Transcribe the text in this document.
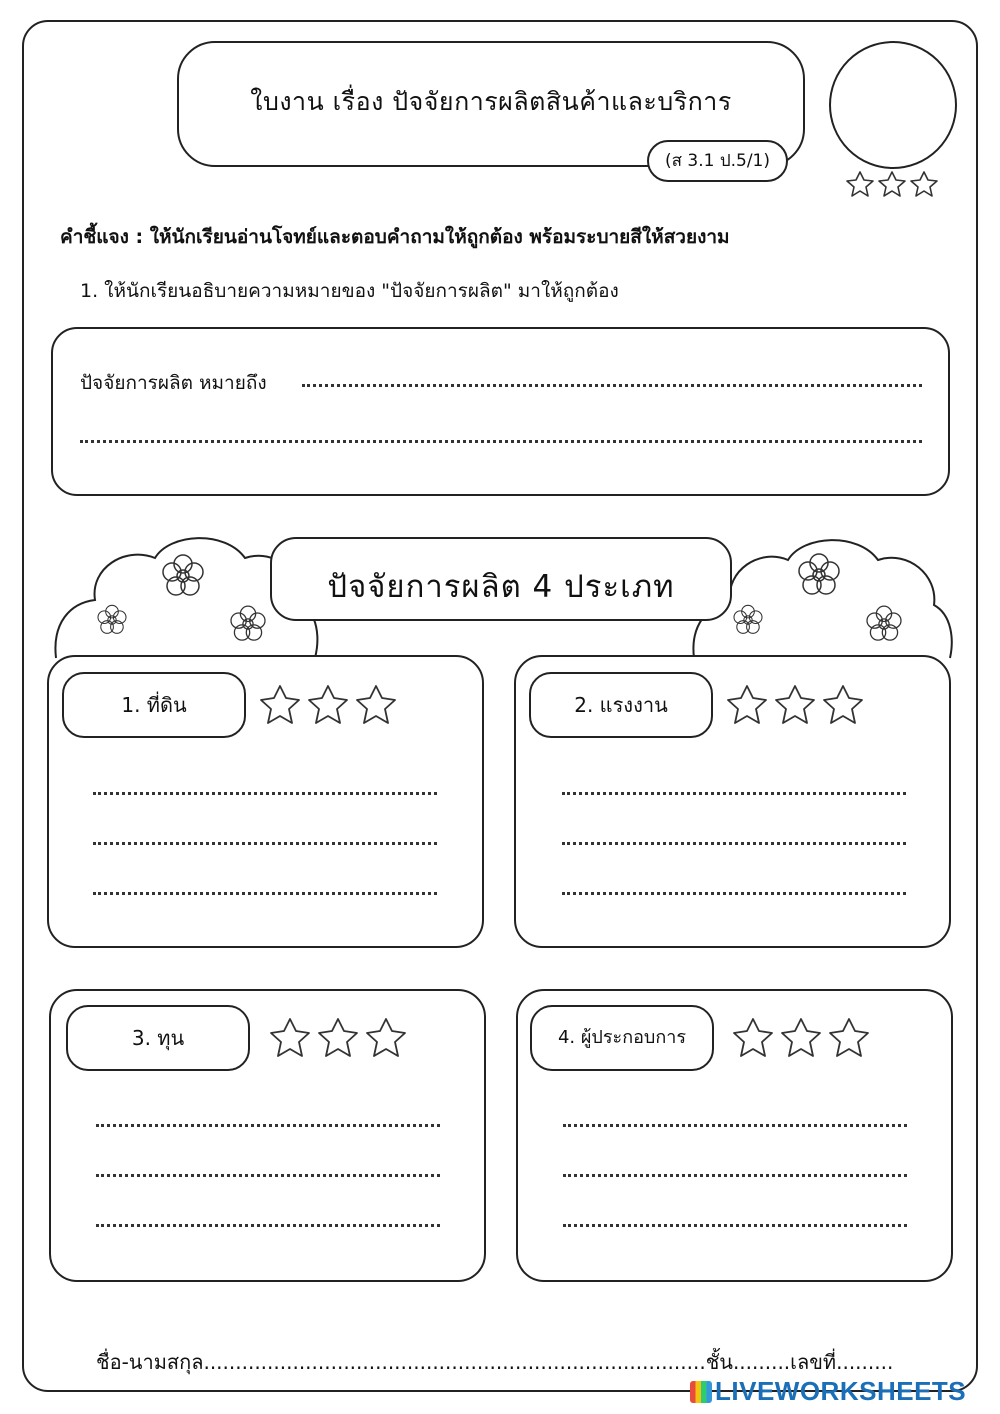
ใบงาน เรื่อง ปัจจัยการผลิตสินค้าและบริการ
(ส 3.1 ป.5/1)
คำชี้แจง : ให้นักเรียนอ่านโจทย์และตอบคำถามให้ถูกต้อง พร้อมระบายสีให้สวยงาม
1. ให้นักเรียนอธิบายความหมายของ "ปัจจัยการผลิต" มาให้ถูกต้อง
ปัจจัยการผลิต หมายถึง
ปัจจัยการผลิต 4 ประเภท
1. ที่ดิน	2. แรงงาน
3. ทุน	4. ผู้ประกอบการ
ชื่อ-นามสกุล...............................................................................ชั้น.........เลขที่.........
LIVEWORKSHEETS
